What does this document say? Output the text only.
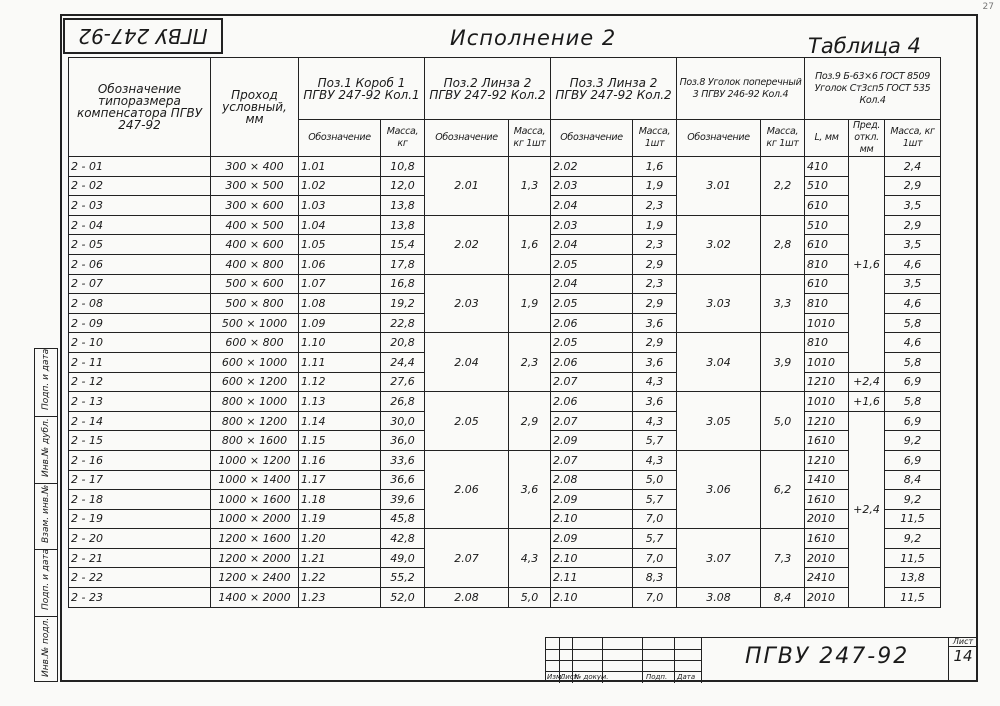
27
ПГВУ 247-92	Исполнение 2	Таблица 4
Обозначение типоразмера компенсатора ПГВУ 247-92	Проход условный, мм	Поз.1 Короб 1 ПГВУ 247-92 Кол.1		Поз.2 Линза 2 ПГВУ 247-92 Кол.2		Поз.3 Линза 2 ПГВУ 247-92 Кол.2		Поз.8 Уголок поперечный 3 ПГВУ 246-92 Кол.4		Поз.9 Б-63×6 ГОСТ 8509 Уголок Ст3сп5 ГОСТ 535 Кол.4		
		Обозначение	Масса, кг	Обозначение	Масса, кг 1шт	Обозначение	Масса, 1шт	Обозначение	Масса, кг 1шт	L, мм	Пред. откл. мм	Масса, кг 1шт
2 - 01	300 × 400	1.01	10,8	2.01	1,3	2.02	1,6	3.01	2,2	410	+1,6	2,4
2 - 02	300 × 500	1.02	12,0			2.03	1,9			510		2,9
2 - 03	300 × 600	1.03	13,8			2.04	2,3			610		3,5
2 - 04	400 × 500	1.04	13,8	2.02	1,6	2.03	1,9	3.02	2,8	510		2,9
2 - 05	400 × 600	1.05	15,4			2.04	2,3			610		3,5
2 - 06	400 × 800	1.06	17,8			2.05	2,9			810		4,6
2 - 07	500 × 600	1.07	16,8	2.03	1,9	2.04	2,3	3.03	3,3	610		3,5
2 - 08	500 × 800	1.08	19,2			2.05	2,9			810		4,6
2 - 09	500 × 1000	1.09	22,8			2.06	3,6			1010		5,8
2 - 10	600 × 800	1.10	20,8	2.04	2,3	2.05	2,9	3.04	3,9	810		4,6
2 - 11	600 × 1000	1.11	24,4			2.06	3,6			1010		5,8
2 - 12	600 × 1200	1.12	27,6			2.07	4,3			1210	+2,4	6,9
2 - 13	800 × 1000	1.13	26,8	2.05	2,9	2.06	3,6	3.05	5,0	1010	+1,6	5,8
2 - 14	800 × 1200	1.14	30,0			2.07	4,3			1210	+2,4	6,9
2 - 15	800 × 1600	1.15	36,0			2.09	5,7			1610		9,2
2 - 16	1000 × 1200	1.16	33,6	2.06	3,6	2.07	4,3	3.06	6,2	1210		6,9
2 - 17	1000 × 1400	1.17	36,6			2.08	5,0			1410		8,4
2 - 18	1000 × 1600	1.18	39,6			2.09	5,7			1610		9,2
2 - 19	1000 × 2000	1.19	45,8			2.10	7,0			2010		11,5
2 - 20	1200 × 1600	1.20	42,8	2.07	4,3	2.09	5,7	3.07	7,3	1610		9,2
2 - 21	1200 × 2000	1.21	49,0			2.10	7,0			2010		11,5
2 - 22	1200 × 2400	1.22	55,2			2.11	8,3			2410		13,8
2 - 23	1400 × 2000	1.23	52,0	2.08	5,0	2.10	7,0	3.08	8,4	2010		11,5
Подп. и дата
Инв.№ дубл.
Взам. инв.№
Подп. и дата
Инв.№ подл.	Изм.
Лист
№ докум.	Подп. Дата
ПГВУ 247-92
Лист
14
